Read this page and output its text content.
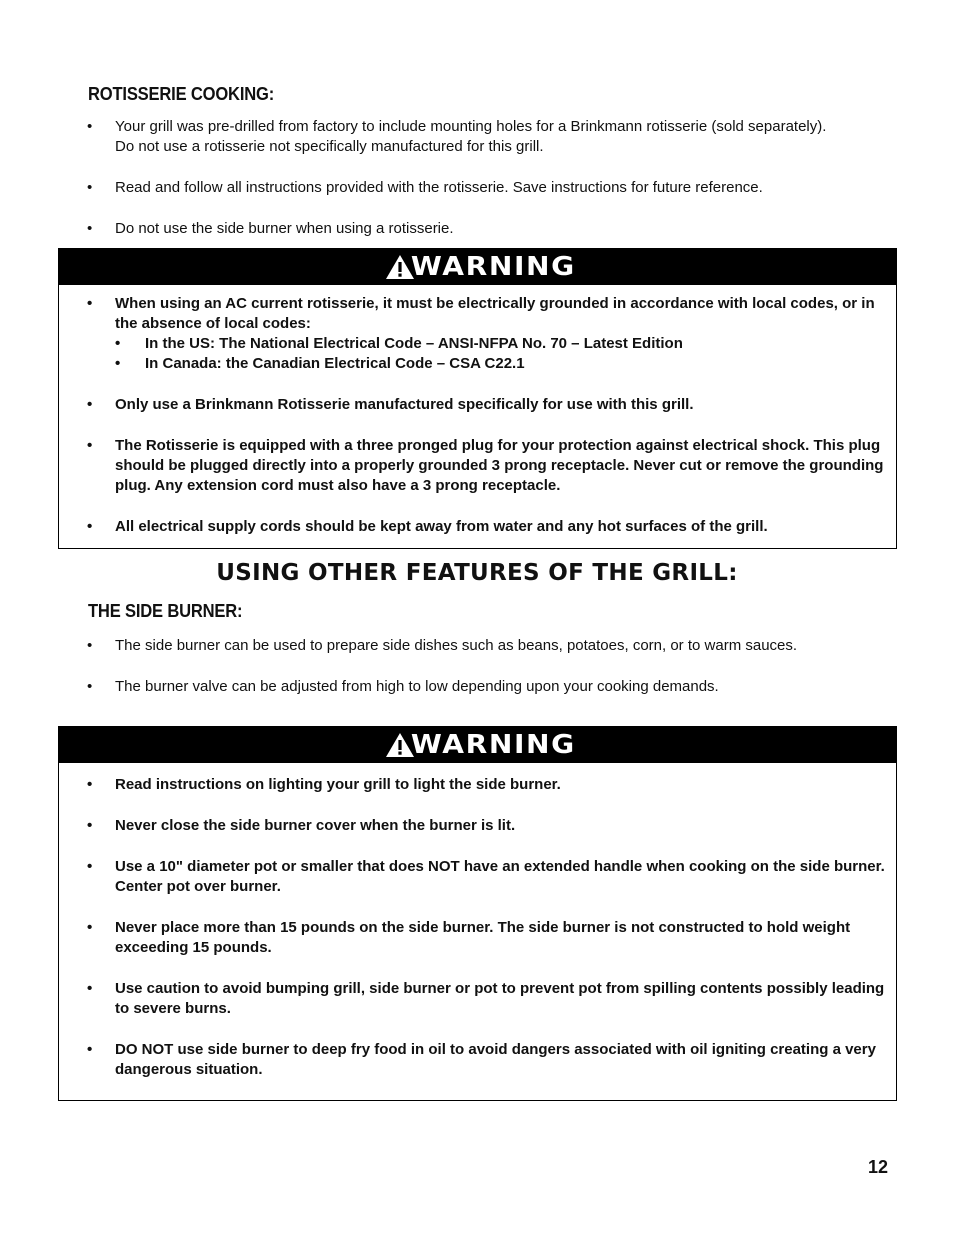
ROTISSERIE COOKING:
•	Your grill was pre-drilled from factory to include mounting holes for a Brinkmann rotisserie (sold separately). Do not use a rotisserie not specifically manufactured for this grill.
•	Read and follow all instructions provided with the rotisserie. Save instructions for future reference.
•	Do not use the side burner when using a rotisserie.
WARNING
•	When using an AC current rotisserie, it must be electrically grounded in accordance with local codes, or in the absence of local codes:
•	In the US: The National Electrical Code – ANSI-NFPA No. 70 – Latest Edition
•	In Canada: the Canadian Electrical Code – CSA C22.1
•	Only use a Brinkmann Rotisserie manufactured specifically for use with this grill.
•	The Rotisserie is equipped with a three pronged plug for your protection against electrical shock. This plug should be plugged directly into a properly grounded 3 prong receptacle. Never cut or remove the grounding plug. Any extension cord must also have a 3 prong receptacle.
•	All electrical supply cords should be kept away from water and any hot surfaces of the grill.
USING OTHER FEATURES OF THE GRILL:
THE SIDE BURNER:
•	The side burner can be used to prepare side dishes such as beans, potatoes, corn, or to warm sauces.
•	The burner valve can be adjusted from high to low depending upon your cooking demands.
WARNING
•	Read instructions on lighting your grill to light the side burner.
•	Never close the side burner cover when the burner is lit.
•	Use a 10" diameter pot or smaller that does NOT have an extended handle when cooking on the side burner. Center pot over burner.
•	Never place more than 15 pounds on the side burner. The side burner is not constructed to hold weight exceeding 15 pounds.
•	Use caution to avoid bumping grill, side burner or pot to prevent pot from spilling contents possibly leading to severe burns.
•	DO NOT use side burner to deep fry food in oil to avoid dangers associated with oil igniting creating a very dangerous situation.
12
